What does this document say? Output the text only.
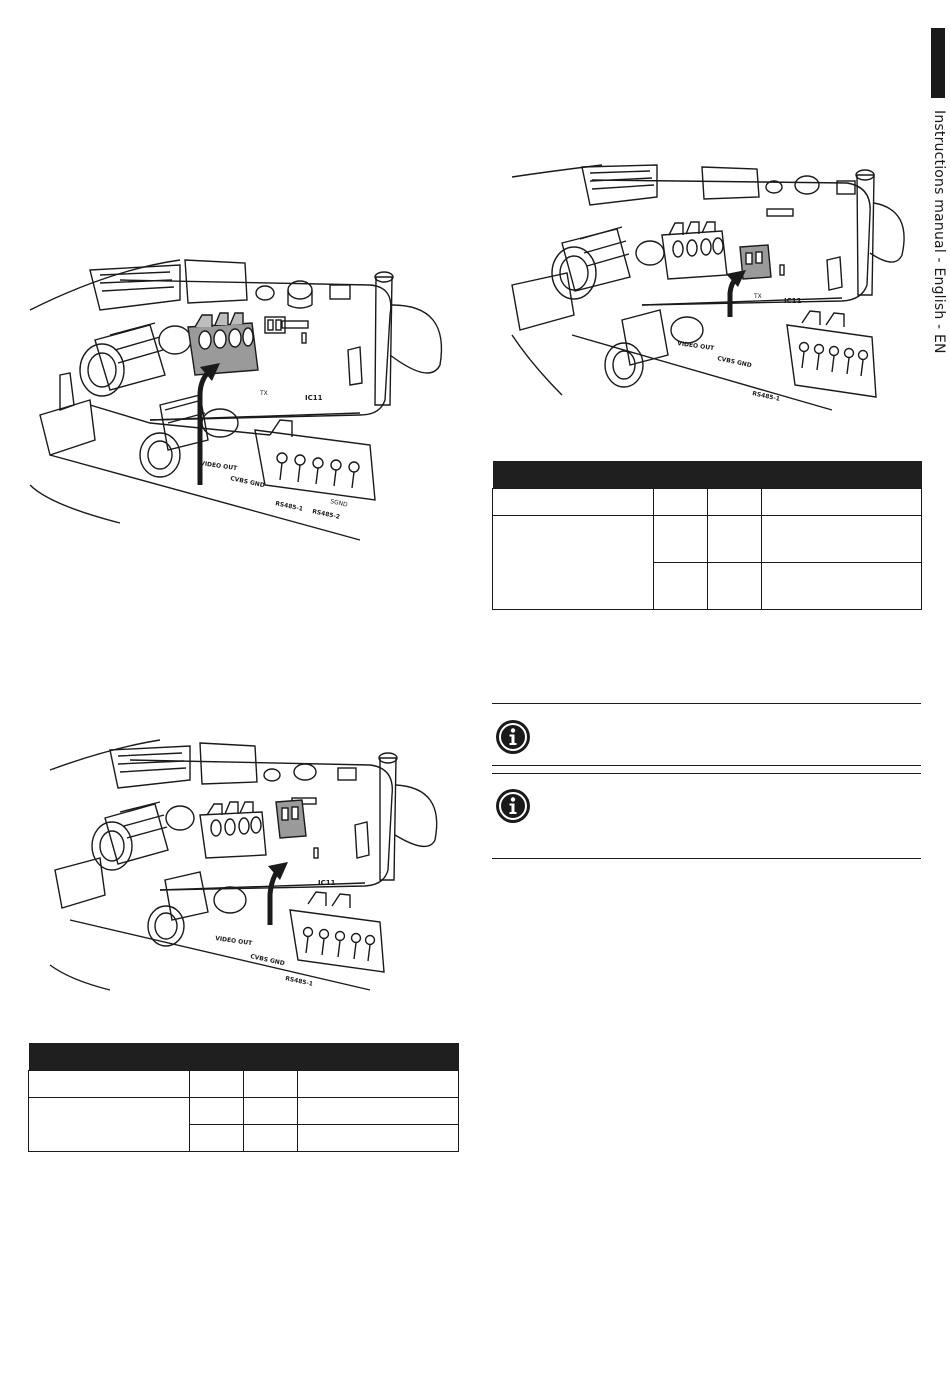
Instructions manual - English - EN
IC11
TX
VIDEO OUT
CVBS GND
RS485-1
RS485-2
SGND
IC11
VIDEO OUT
CVBS GND
RS485-1
IC11
TX
VIDEO OUT
CVBS GND
RS485-1
